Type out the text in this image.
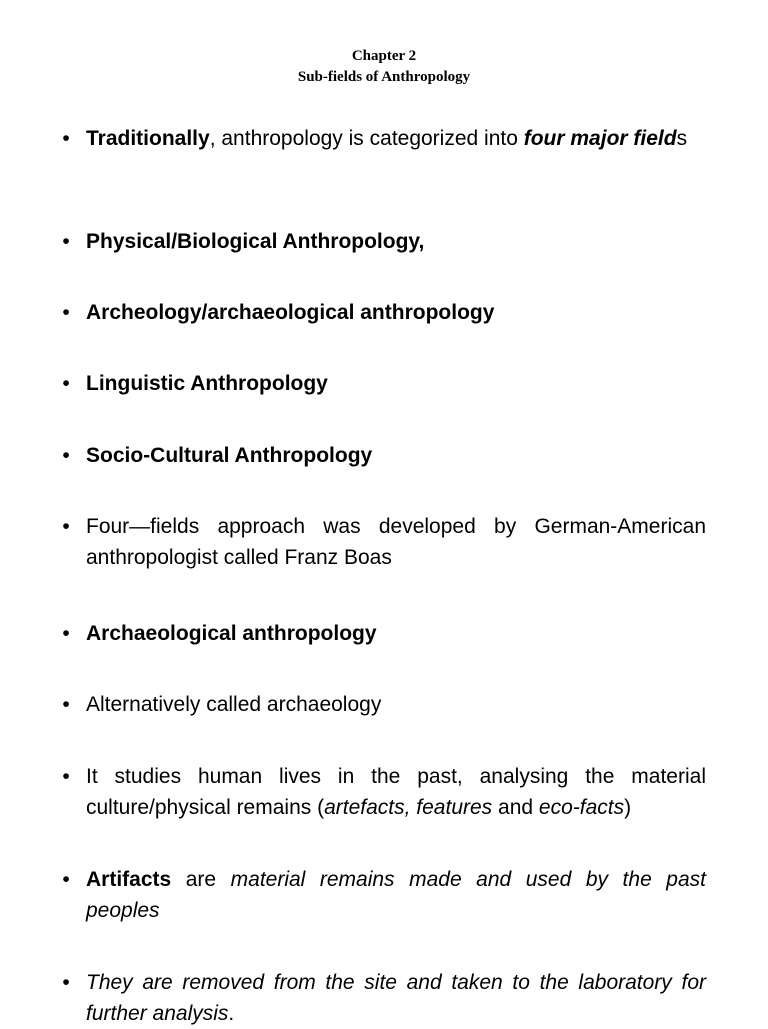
Chapter 2
Sub-fields of Anthropology
• Traditionally, anthropology is categorized into four major fields
• Physical/Biological Anthropology,
• Archeology/archaeological anthropology
• Linguistic Anthropology
• Socio-Cultural Anthropology
• Four—fields approach was developed by German-American anthropologist called Franz Boas
• Archaeological anthropology
• Alternatively called archaeology
• It studies human lives in the past, analysing the material culture/physical remains (artefacts, features and eco-facts)
• Artifacts are material remains made and used by the past peoples
• They are removed from the site and taken to the laboratory for further analysis.
